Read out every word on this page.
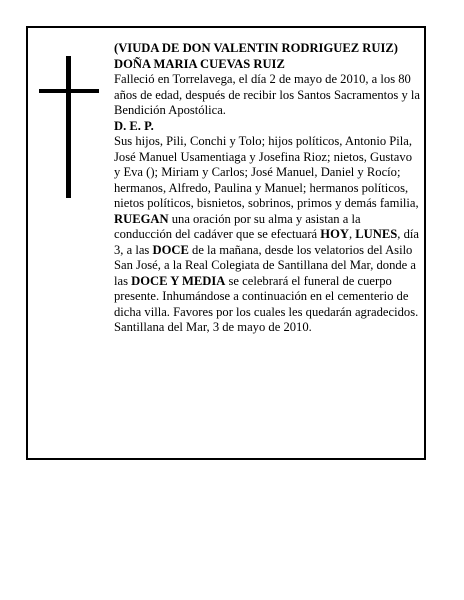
(VIUDA DE DON VALENTIN RODRIGUEZ RUIZ)

DOÑA MARIA CUEVAS RUIZ

Falleció en Torrelavega, el día 2 de mayo de 2010, a los 80 años de edad, después de recibir los Santos Sacramentos y la Bendición Apostólica.

D. E. P.

Sus hijos, Pili, Conchi y Tolo; hijos políticos, Antonio Pila, José Manuel Usamentiaga y Josefina Rioz; nietos, Gustavo y Eva (); Miriam y Carlos; José Manuel, Daniel y Rocío; hermanos, Alfredo, Paulina y Manuel; hermanos políticos, nietos políticos, bisnietos, sobrinos, primos y demás familia,

RUEGAN una oración por su alma y asistan a la conducción del cadáver que se efectuará HOY, LUNES, día 3, a las DOCE de la mañana, desde los velatorios del Asilo San José, a la Real Colegiata de Santillana del Mar, donde a las DOCE Y MEDIA se celebrará el funeral de cuerpo presente. Inhumándose a continuación en el cementerio de dicha villa. Favores por los cuales les quedarán agradecidos.

Santillana del Mar, 3 de mayo de 2010.
